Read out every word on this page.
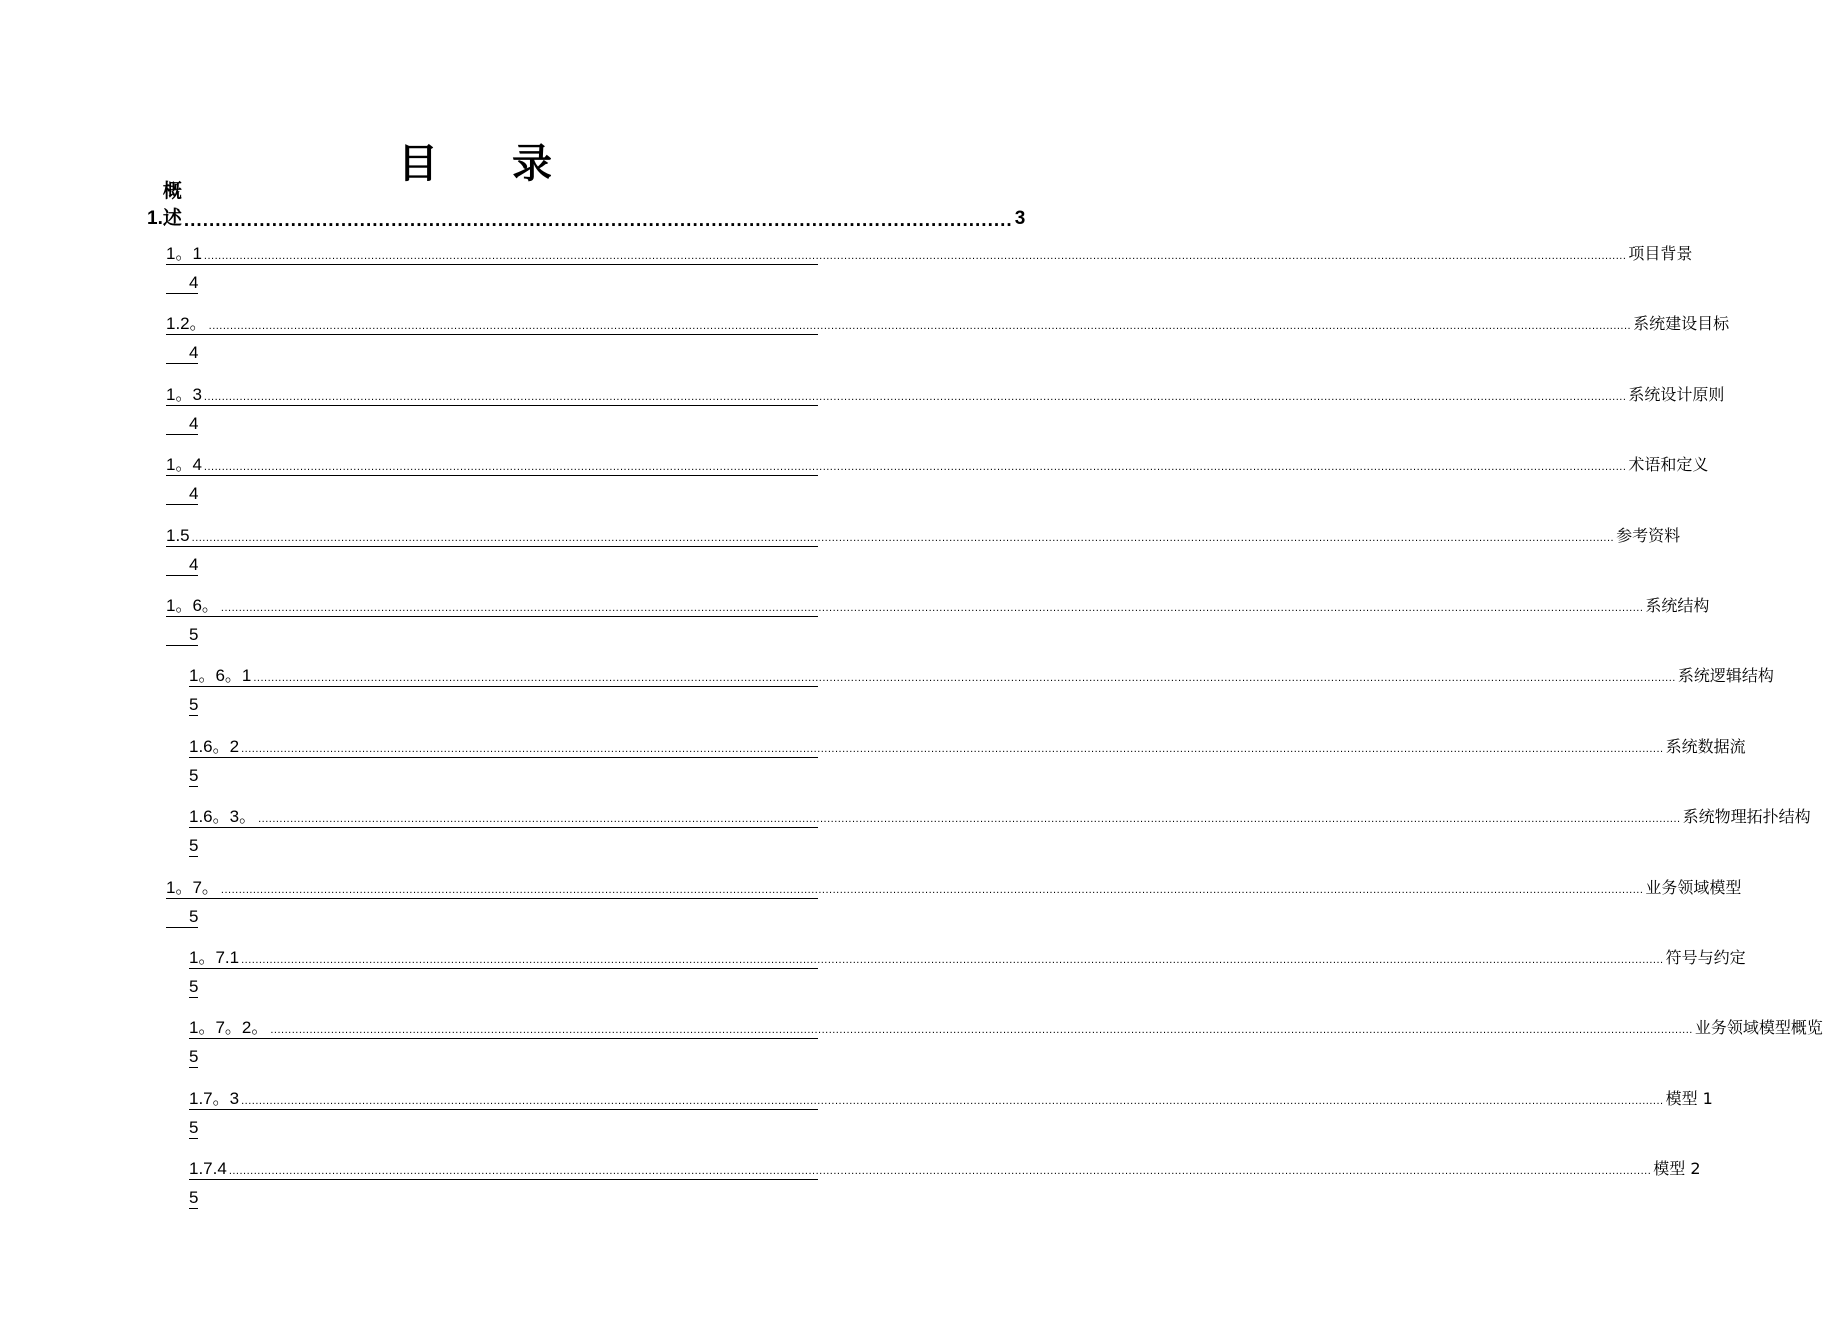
目 录
1.
概述 .................................................................................................................................... 3
1。1 ................................................................................................................................................................................................................................................................................................................................................................................................................ 项目背景
4
1.2。 ................................................................................................................................................................................................................................................................................................................................................................................................................ 系统建设目标
4
1。3 ................................................................................................................................................................................................................................................................................................................................................................................................................ 系统设计原则
4
1。4 ................................................................................................................................................................................................................................................................................................................................................................................................................ 术语和定义
4
1.5 ................................................................................................................................................................................................................................................................................................................................................................................................................ 参考资料
4
1。6。 ................................................................................................................................................................................................................................................................................................................................................................................................................ 系统结构
5
1。6。1 ................................................................................................................................................................................................................................................................................................................................................................................................................ 系统逻辑结构
5
1.6。2 ................................................................................................................................................................................................................................................................................................................................................................................................................ 系统数据流
5
1.6。3。 ................................................................................................................................................................................................................................................................................................................................................................................................................ 系统物理拓扑结构
5
1。7。 ................................................................................................................................................................................................................................................................................................................................................................................................................ 业务领域模型
5
1。7.1 ................................................................................................................................................................................................................................................................................................................................................................................................................ 符号与约定
5
1。7。2。 ................................................................................................................................................................................................................................................................................................................................................................................................................ 业务领域模型概览
5
1.7。3 ................................................................................................................................................................................................................................................................................................................................................................................................................ 模型 1
5
1.7.4 ................................................................................................................................................................................................................................................................................................................................................................................................................ 模型 2
5
